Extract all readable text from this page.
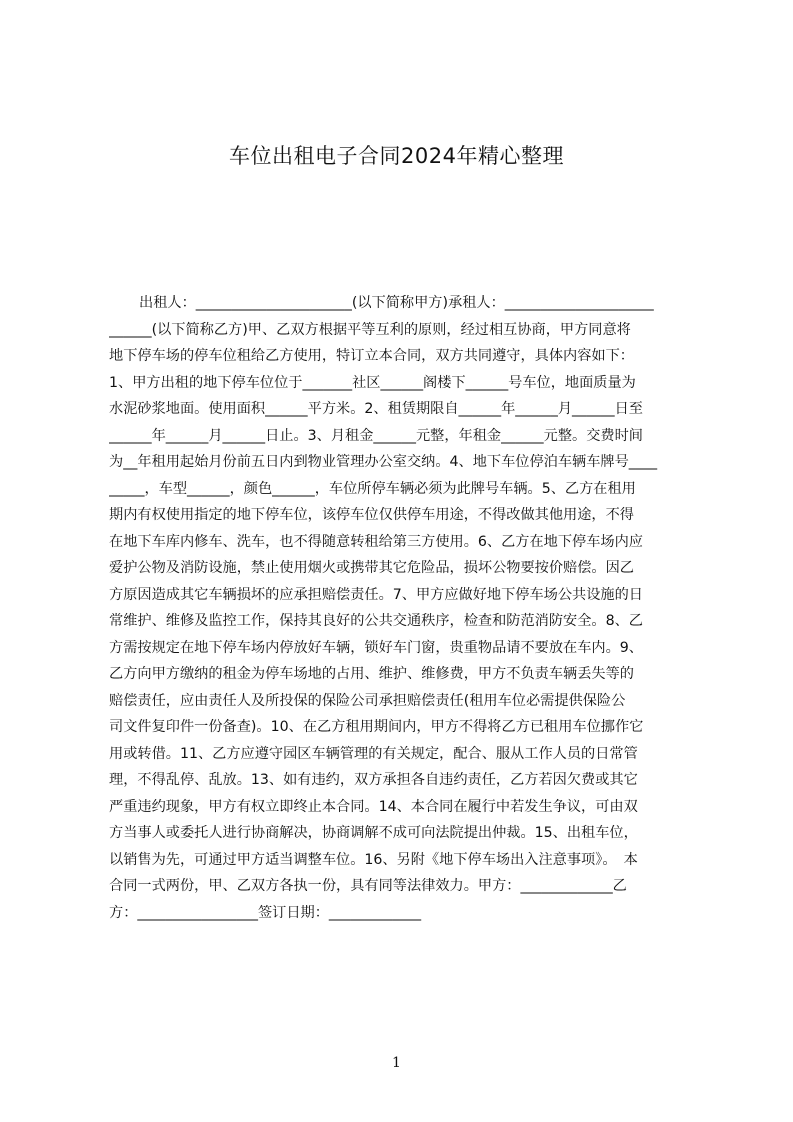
车位出租电子合同2024年精心整理
出租人：______________________(以下简称甲方)承租人：_____________________
______(以下简称乙方)甲、乙双方根据平等互利的原则，经过相互协商，甲方同意将
地下停车场的停车位租给乙方使用，特订立本合同，双方共同遵守，具体内容如下：
1、甲方出租的地下停车位位于_______社区______阁楼下______号车位，地面质量为
水泥砂浆地面。使用面积______平方米。2、租赁期限自______年______月______日至
______年______月______日止。3、月租金______元整，年租金______元整。交费时间
为__年租用起始月份前五日内到物业管理办公室交纳。4、地下车位停泊车辆车牌号____
_____，车型______，颜色______，车位所停车辆必须为此牌号车辆。5、乙方在租用
期内有权使用指定的地下停车位，该停车位仅供停车用途，不得改做其他用途，不得
在地下车库内修车、洗车，也不得随意转租给第三方使用。6、乙方在地下停车场内应
爱护公物及消防设施，禁止使用烟火或携带其它危险品，损坏公物要按价赔偿。因乙
方原因造成其它车辆损坏的应承担赔偿责任。7、甲方应做好地下停车场公共设施的日
常维护、维修及监控工作，保持其良好的公共交通秩序，检查和防范消防安全。8、乙
方需按规定在地下停车场内停放好车辆，锁好车门窗，贵重物品请不要放在车内。9、
乙方向甲方缴纳的租金为停车场地的占用、维护、维修费，甲方不负责车辆丢失等的
赔偿责任，应由责任人及所投保的保险公司承担赔偿责任(租用车位必需提供保险公
司文件复印件一份备查)。10、在乙方租用期间内，甲方不得将乙方已租用车位挪作它
用或转借。11、乙方应遵守园区车辆管理的有关规定，配合、服从工作人员的日常管
理，不得乱停、乱放。13、如有违约，双方承担各自违约责任，乙方若因欠费或其它
严重违约现象，甲方有权立即终止本合同。14、本合同在履行中若发生争议，可由双
方当事人或委托人进行协商解决，协商调解不成可向法院提出仲裁。15、出租车位，
以销售为先，可通过甲方适当调整车位。16、另附《地下停车场出入注意事项》。　本
合同一式两份，甲、乙双方各执一份，具有同等法律效力。甲方：_____________乙
方：_________________签订日期：_____________
1
